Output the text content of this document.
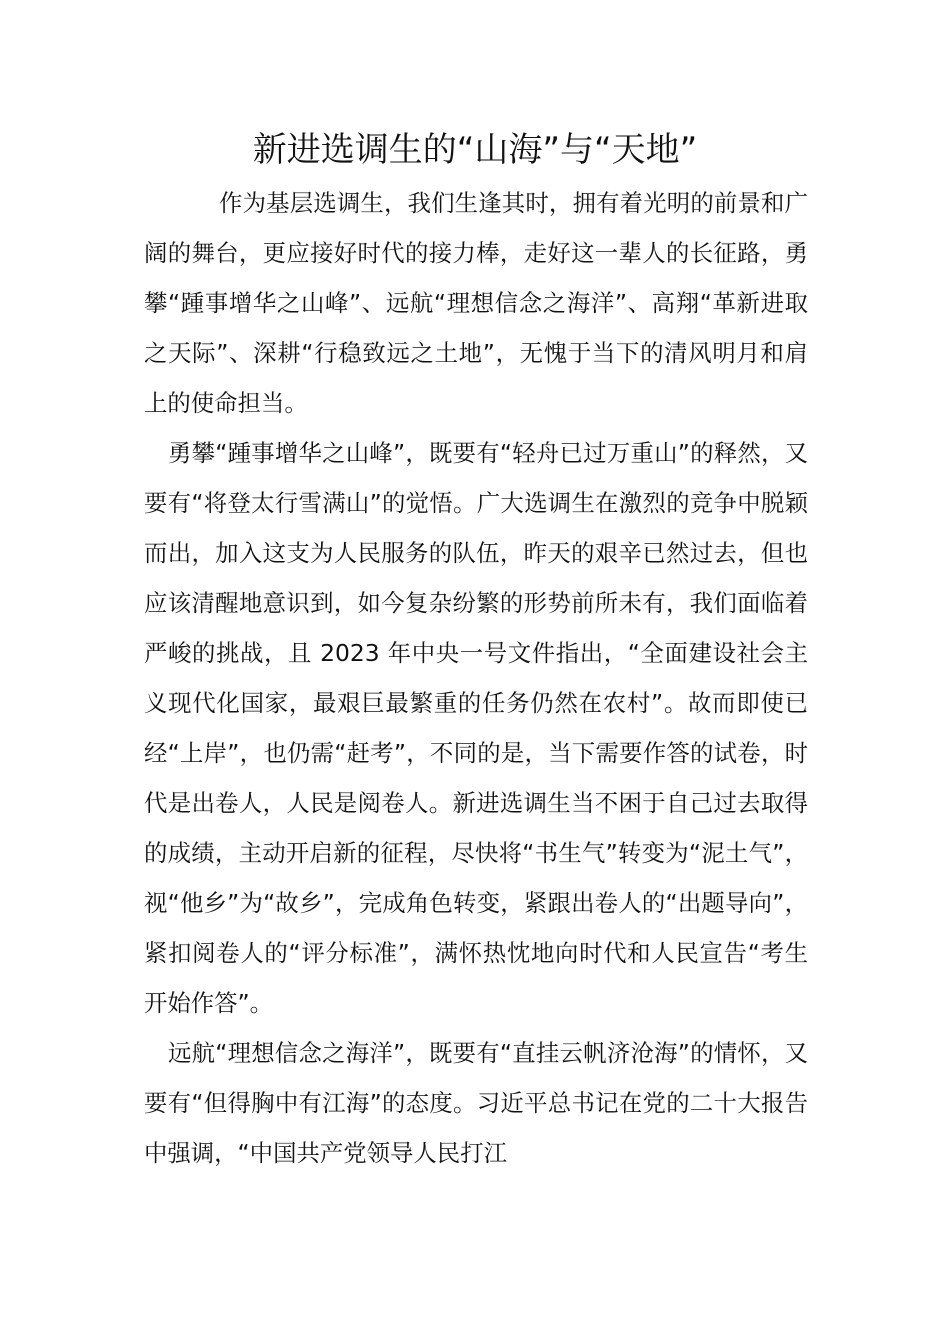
新进选调生的“山海”与“天地”

作为基层选调生，我们生逢其时，拥有着光明的前景和广阔的舞台，更应接好时代的接力棒，走好这一辈人的长征路，勇攀“踵事增华之山峰”、远航“理想信念之海洋”、高翔“革新进取之天际”、深耕“行稳致远之土地”，无愧于当下的清风明月和肩上的使命担当。

勇攀“踵事增华之山峰”，既要有“轻舟已过万重山”的释然，又要有“将登太行雪满山”的觉悟。广大选调生在激烈的竞争中脱颖而出，加入这支为人民服务的队伍，昨天的艰辛已然过去，但也应该清醒地意识到，如今复杂纷繁的形势前所未有，我们面临着严峻的挑战，且 2023 年中央一号文件指出，“全面建设社会主义现代化国家，最艰巨最繁重的任务仍然在农村”。故而即使已经“上岸”，也仍需“赶考”，不同的是，当下需要作答的试卷，时代是出卷人，人民是阅卷人。新进选调生当不困于自己过去取得的成绩，主动开启新的征程，尽快将“书生气”转变为“泥土气”，视“他乡”为“故乡”，完成角色转变，紧跟出卷人的“出题导向”，紧扣阅卷人的“评分标准”，满怀热忱地向时代和人民宣告“考生开始作答”。

远航“理想信念之海洋”，既要有“直挂云帆济沧海”的情怀，又要有“但得胸中有江海”的态度。习近平总书记在党的二十大报告中强调，“中国共产党领导人民打江
